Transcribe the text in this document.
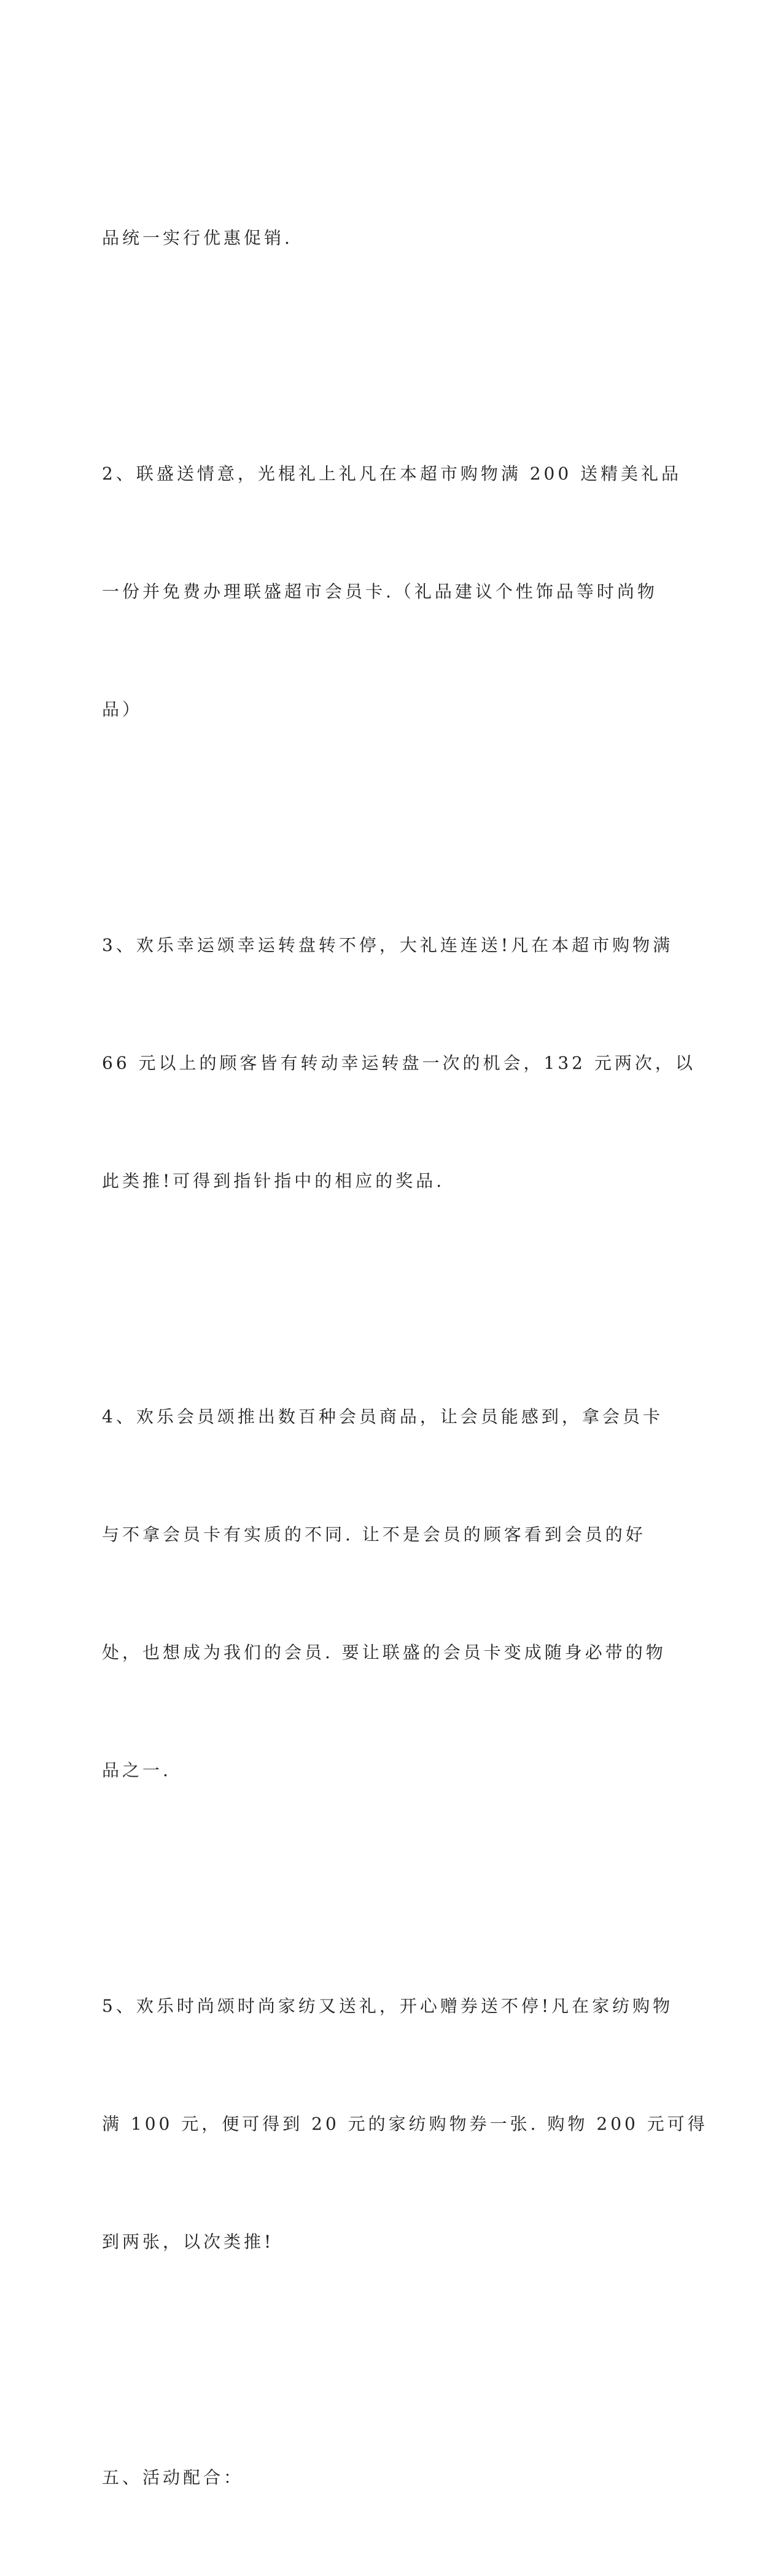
品统一实行优惠促销.

2、联盛送情意，光棍礼上礼凡在本超市购物满 200 送精美礼品

一份并免费办理联盛超市会员卡.（礼品建议个性饰品等时尚物

品）

3、欢乐幸运颂幸运转盘转不停，大礼连连送!凡在本超市购物满

66 元以上的顾客皆有转动幸运转盘一次的机会，132 元两次，以

此类推!可得到指针指中的相应的奖品.

4、欢乐会员颂推出数百种会员商品，让会员能感到，拿会员卡

与不拿会员卡有实质的不同. 让不是会员的顾客看到会员的好

处，也想成为我们的会员. 要让联盛的会员卡变成随身必带的物

品之一.

5、欢乐时尚颂时尚家纺又送礼，开心赠券送不停!凡在家纺购物

满 100 元，便可得到 20 元的家纺购物券一张. 购物 200 元可得

到两张，以次类推!

五、活动配合：
